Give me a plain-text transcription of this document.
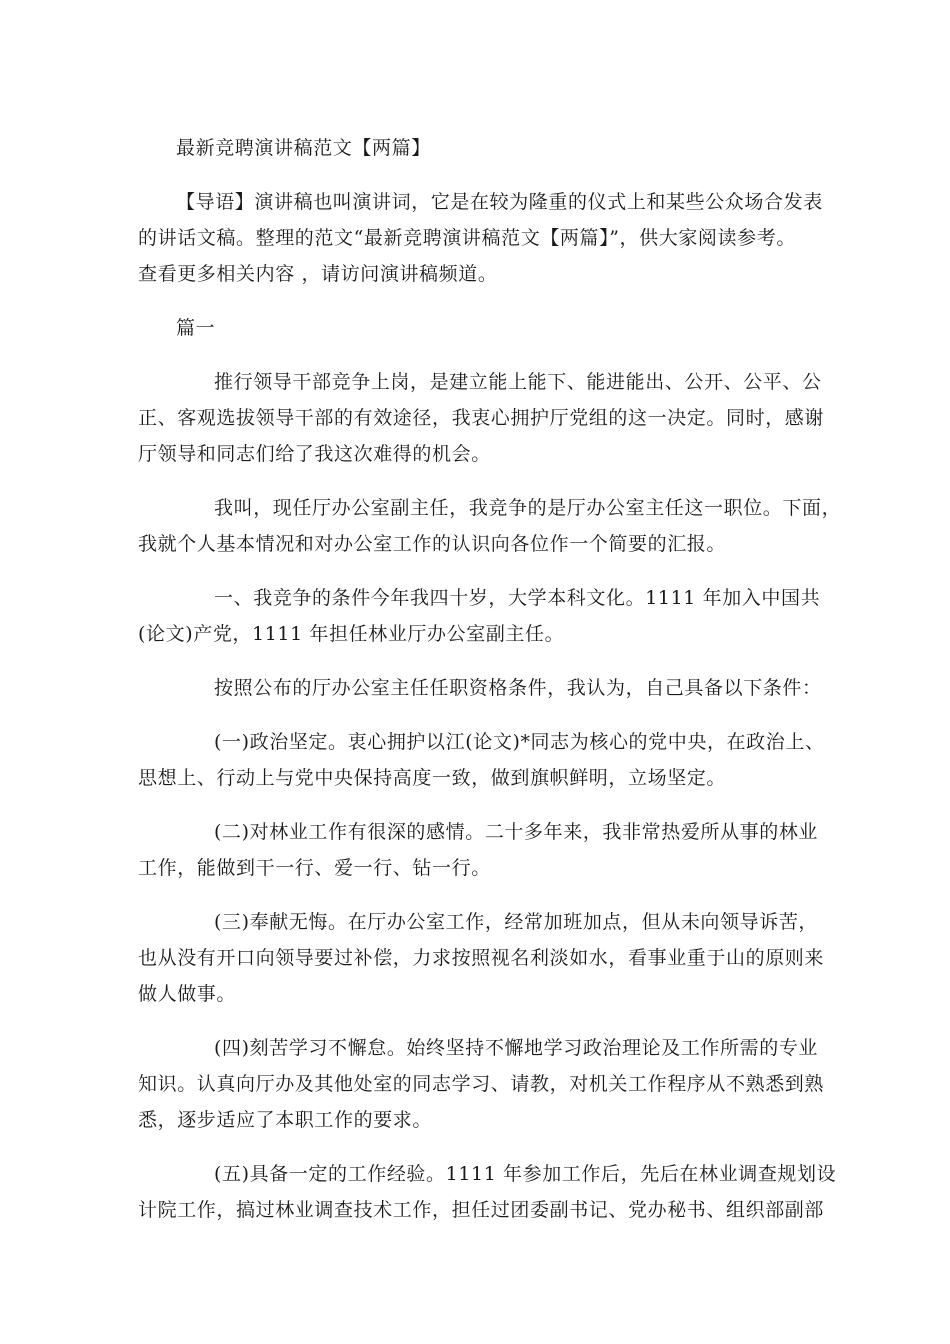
最新竞聘演讲稿范文【两篇】
【导语】演讲稿也叫演讲词，它是在较为隆重的仪式上和某些公众场合发表
的讲话文稿。整理的范文“最新竞聘演讲稿范文【两篇】”，供大家阅读参考。
查看更多相关内容 ，请访问演讲稿频道。
篇一
推行领导干部竞争上岗，是建立能上能下、能进能出、公开、公平、公
正、客观选拔领导干部的有效途径，我衷心拥护厅党组的这一决定。同时，感谢
厅领导和同志们给了我这次难得的机会。
我叫，现任厅办公室副主任，我竞争的是厅办公室主任这一职位。下面，
我就个人基本情况和对办公室工作的认识向各位作一个简要的汇报。
一、我竞争的条件今年我四十岁，大学本科文化。1111 年加入中国共
(论文)产党，1111 年担任林业厅办公室副主任。
按照公布的厅办公室主任任职资格条件，我认为，自己具备以下条件：
(一)政治坚定。衷心拥护以江(论文)*同志为核心的党中央，在政治上、
思想上、行动上与党中央保持高度一致，做到旗帜鲜明，立场坚定。
(二)对林业工作有很深的感情。二十多年来，我非常热爱所从事的林业
工作，能做到干一行、爱一行、钻一行。
(三)奉献无悔。在厅办公室工作，经常加班加点，但从未向领导诉苦，
也从没有开口向领导要过补偿，力求按照视名利淡如水，看事业重于山的原则来
做人做事。
(四)刻苦学习不懈怠。始终坚持不懈地学习政治理论及工作所需的专业
知识。认真向厅办及其他处室的同志学习、请教，对机关工作程序从不熟悉到熟
悉，逐步适应了本职工作的要求。
(五)具备一定的工作经验。1111 年参加工作后，先后在林业调查规划设
计院工作，搞过林业调查技术工作，担任过团委副书记、党办秘书、组织部副部
